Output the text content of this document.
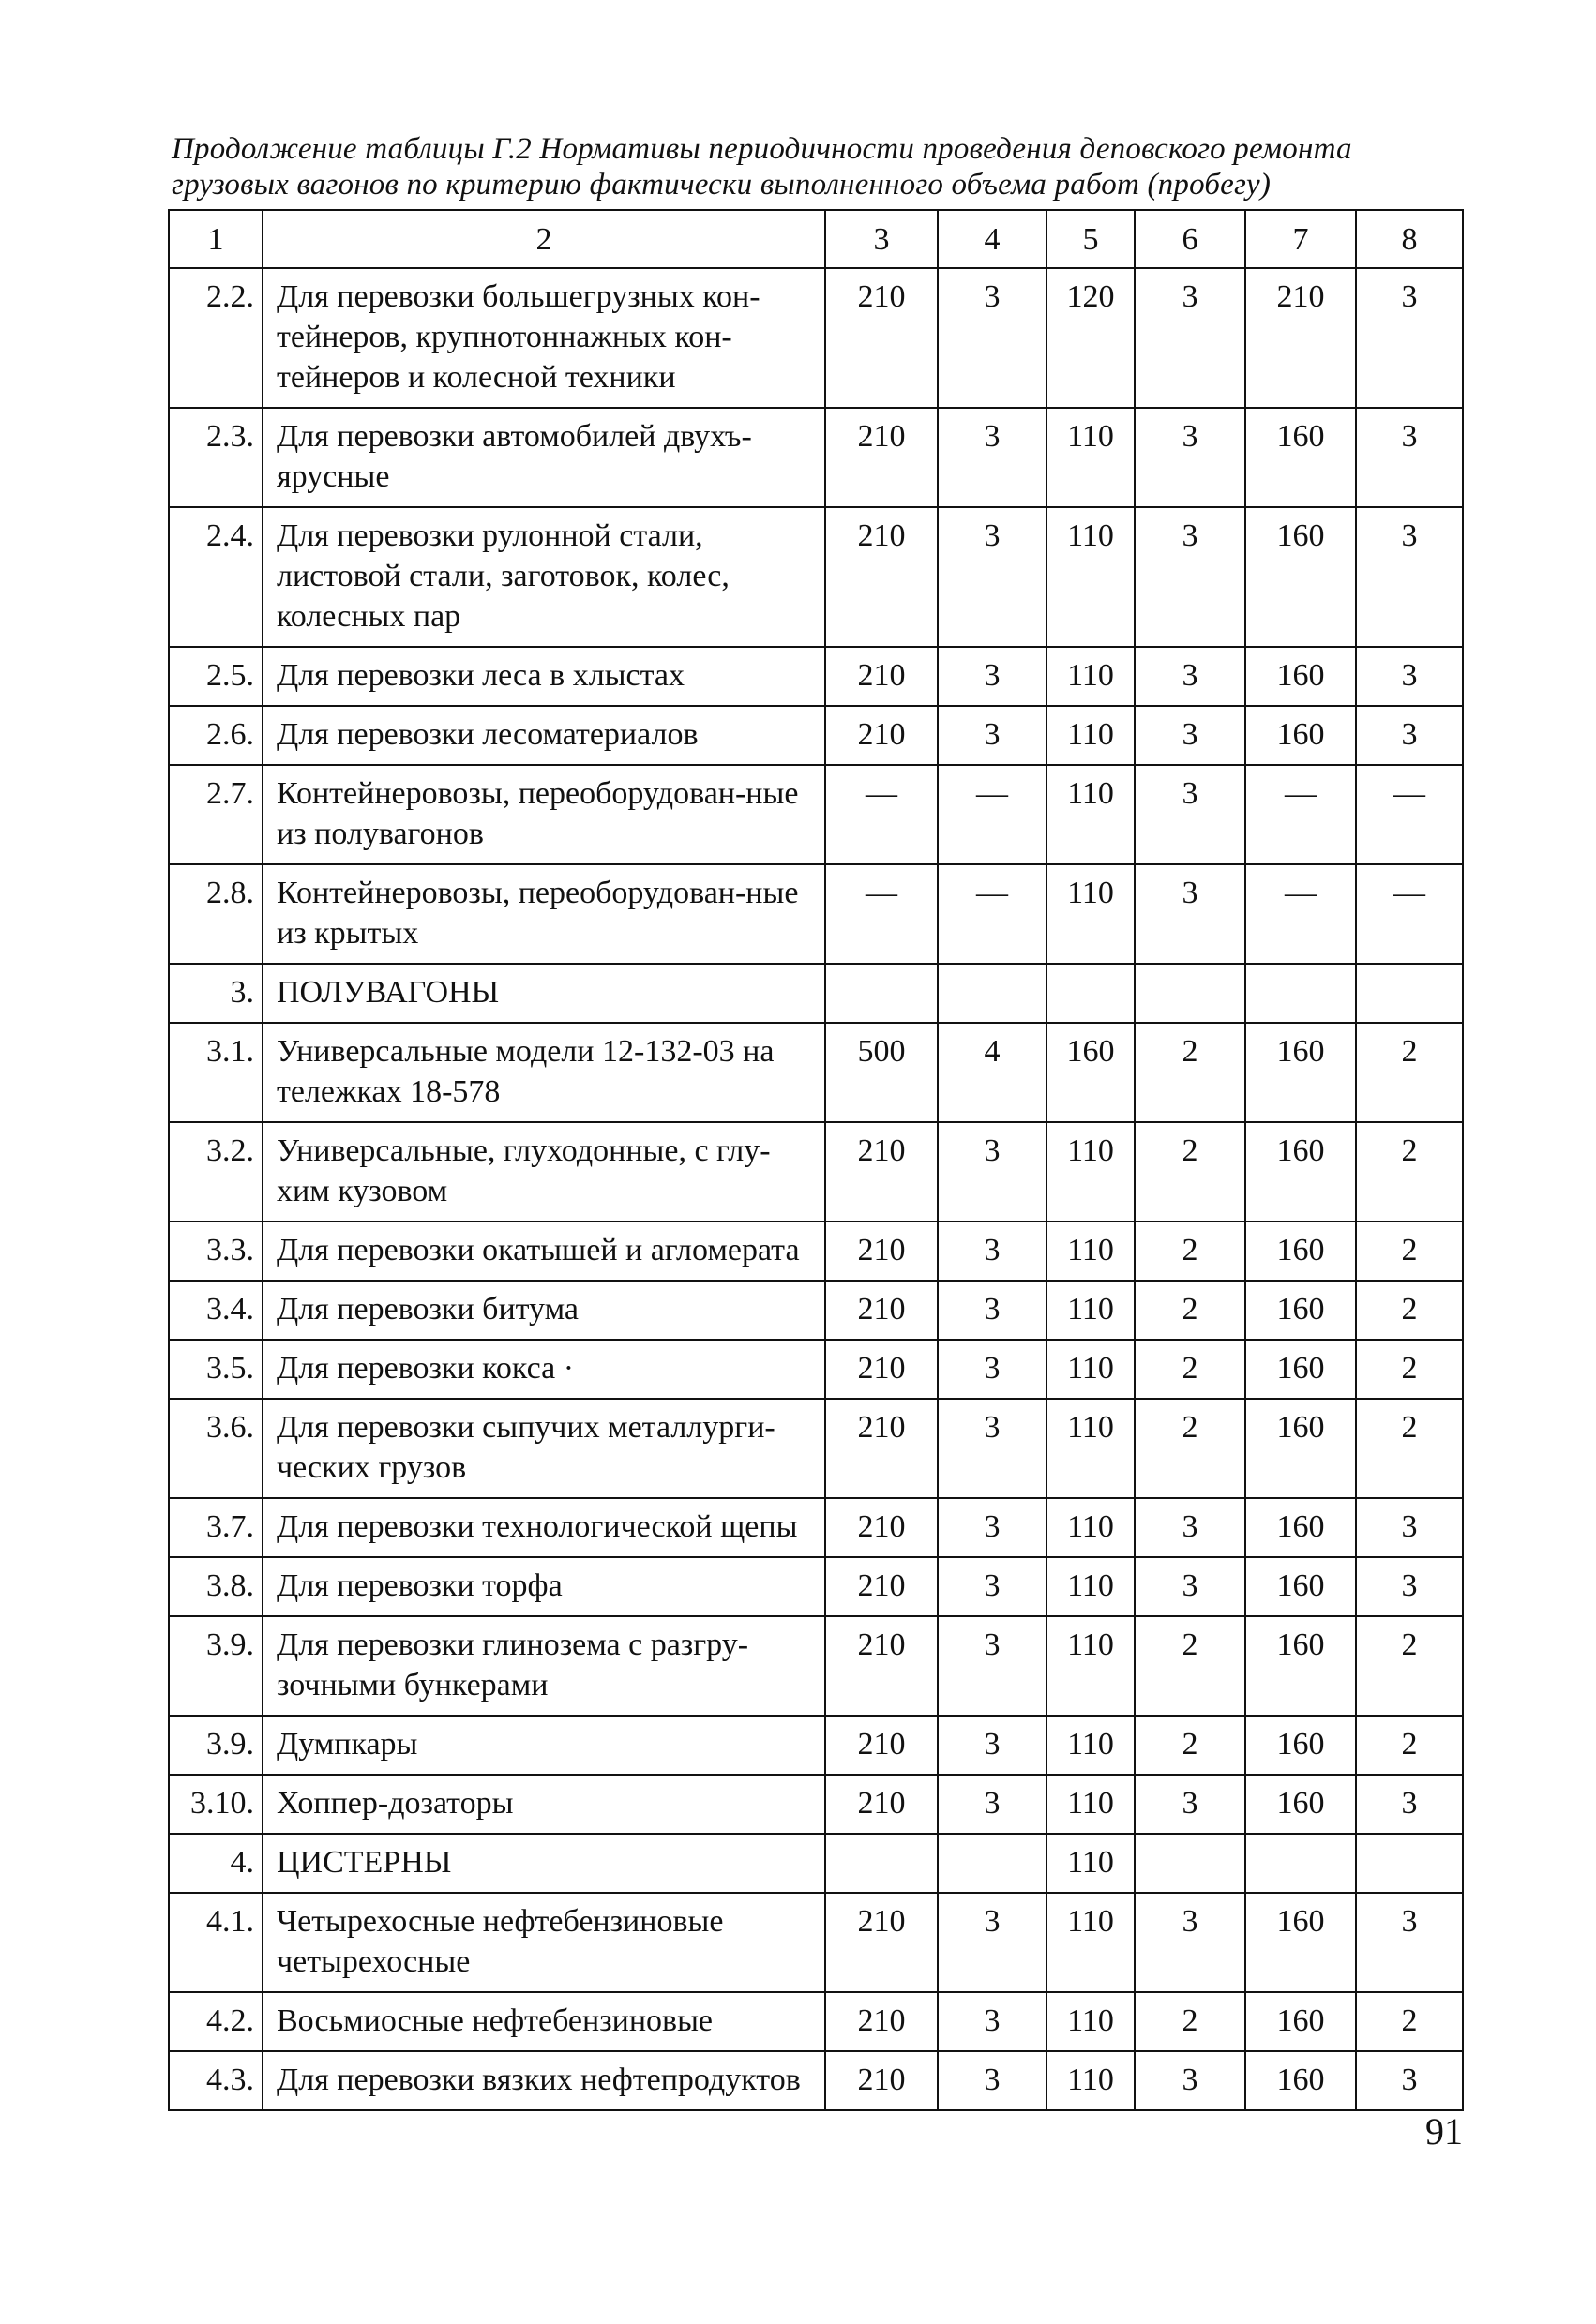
Продолжение таблицы Г.2 Нормативы периодичности проведения деповского ремонта
грузовых вагонов по критерию фактически выполненного объема работ (пробегу)
1	2	3	4	5	6	7	8
2.2.	Для перевозки большегрузных кон-тейнеров, крупнотоннажных кон-тейнеров и колесной техники	210	3	120	3	210	3
2.3.	Для перевозки автомобилей двухъ-ярусные	210	3	110	3	160	3
2.4.	Для перевозки рулонной стали, листовой стали, заготовок, колес, колесных пар	210	3	110	3	160	3
2.5.	Для перевозки леса в хлыстах	210	3	110	3	160	3
2.6.	Для перевозки лесоматериалов	210	3	110	3	160	3
2.7.	Контейнеровозы, переоборудован-ные из полувагонов	—	—	110	3	—	—
2.8.	Контейнеровозы, переоборудован-ные из крытых	—	—	110	3	—	—
3.	ПОЛУВАГОНЫ						
3.1.	Универсальные модели 12-132-03 на тележках 18-578	500	4	160	2	160	2
3.2.	Универсальные, глуходонные, с глу-хим кузовом	210	3	110	2	160	2
3.3.	Для перевозки окатышей и агломерата	210	3	110	2	160	2
3.4.	Для перевозки битума	210	3	110	2	160	2
3.5.	Для перевозки кокса ·	210	3	110	2	160	2
3.6.	Для перевозки сыпучих металлурги-ческих грузов	210	3	110	2	160	2
3.7.	Для перевозки технологической щепы	210	3	110	3	160	3
3.8.	Для перевозки торфа	210	3	110	3	160	3
3.9.	Для перевозки глинозема с разгру-зочными бункерами	210	3	110	2	160	2
3.9.	Думпкары	210	3	110	2	160	2
3.10.	Хоппер-дозаторы	210	3	110	3	160	3
4.	ЦИСТЕРНЫ			110			
4.1.	Четырехосные нефтебензиновые четырехосные	210	3	110	3	160	3
4.2.	Восьмиосные нефтебензиновые	210	3	110	2	160	2
4.3.	Для перевозки вязких нефтепродуктов	210	3	110	3	160	3
91
